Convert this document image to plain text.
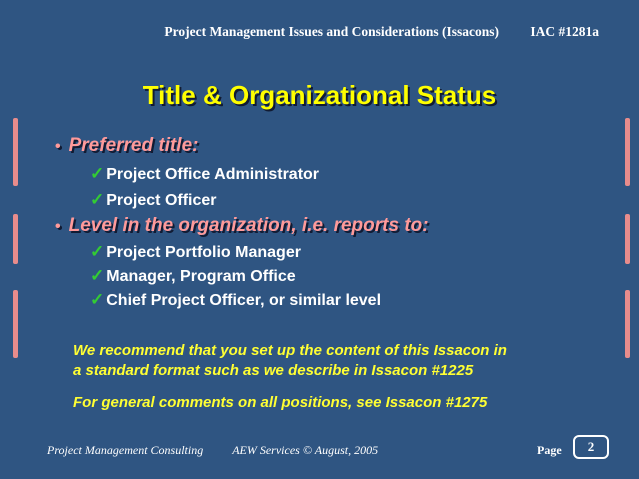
Project Management Issues and Considerations (Issacons) IAC #1281a
Title & Organizational Status
• Preferred title:
✓ Project Office Administrator
✓ Project Officer
• Level in the organization, i.e. reports to:
✓ Project Portfolio Manager
✓ Manager, Program Office
✓ Chief Project Officer, or similar level
We recommend that you set up the content of this Issacon in
a standard format such as we describe in Issacon #1225
For general comments on all positions, see Issacon #1275
Project Management Consulting AEW Services © August, 2005	Page	2
